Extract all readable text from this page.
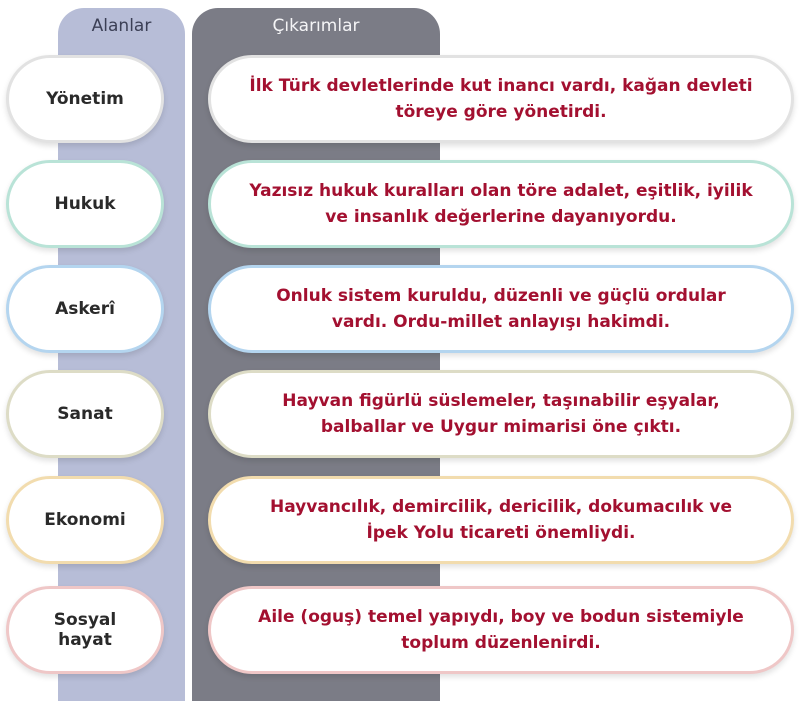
Alanlar	Çıkarımlar
Yönetim
İlk Türk devletlerinde kut inancı vardı, kağan devleti
töreye göre yönetirdi.
Hukuk
Yazısız hukuk kuralları olan töre adalet, eşitlik, iyilik
ve insanlık değerlerine dayanıyordu.
Askerî
Onluk sistem kuruldu, düzenli ve güçlü ordular
vardı. Ordu-millet anlayışı hakimdi.
Sanat
Hayvan figürlü süslemeler, taşınabilir eşyalar,
balballar ve Uygur mimarisi öne çıktı.
Ekonomi
Hayvancılık, demircilik, dericilik, dokumacılık ve
İpek Yolu ticareti önemliydi.
Sosyal
hayat
Aile (oguş) temel yapıydı, boy ve bodun sistemiyle
toplum düzenlenirdi.
